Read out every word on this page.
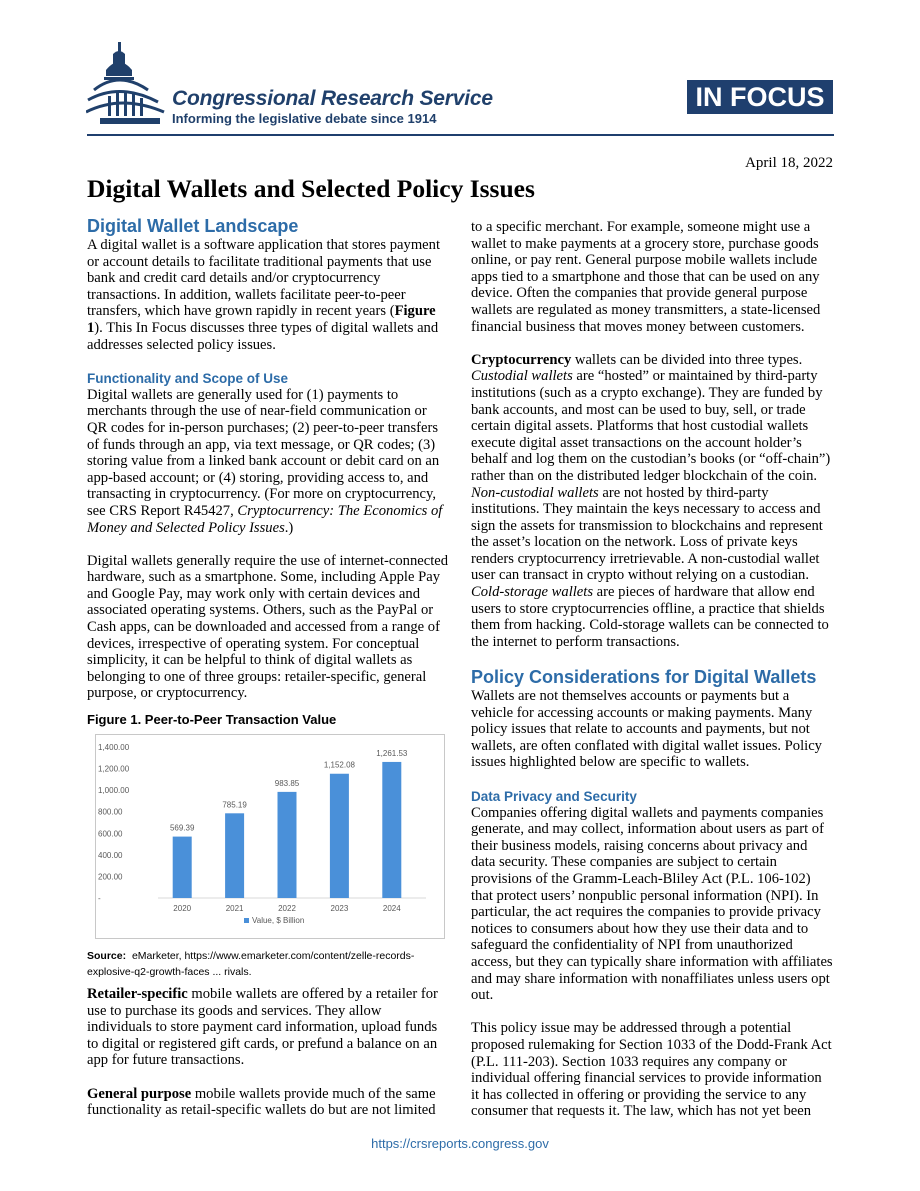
Congressional Research Service
Informing the legislative debate since 1914
IN FOCUS
April 18, 2022
Digital Wallets and Selected Policy Issues
Digital Wallet Landscape

A digital wallet is a software application that stores payment or account details to facilitate traditional payments that use bank and credit card details and/or cryptocurrency transactions. In addition, wallets facilitate peer-to-peer transfers, which have grown rapidly in recent years (Figure 1). This In Focus discusses three types of digital wallets and addresses selected policy issues.

Functionality and Scope of Use

Digital wallets are generally used for (1) payments to merchants through the use of near-field communication or QR codes for in-person purchases; (2) peer-to-peer transfers of funds through an app, via text message, or QR codes; (3) storing value from a linked bank account or debit card on an app-based account; or (4) storing, providing access to, and transacting in cryptocurrency. (For more on cryptocurrency, see CRS Report R45427, Cryptocurrency: The Economics of Money and Selected Policy Issues.)

Digital wallets generally require the use of internet-connected hardware, such as a smartphone. Some, including Apple Pay and Google Pay, may work only with certain devices and associated operating systems. Others, such as the PayPal or Cash apps, can be downloaded and accessed from a range of devices, irrespective of operating system. For conceptual simplicity, it can be helpful to think of digital wallets as belonging to one of three groups: retailer-specific, general purpose, or cryptocurrency.

Figure 1. Peer-to-Peer Transaction Value
1,400.00
1,200.00
1,000.00
800.00
600.00
400.00
200.00
-
569.39
2020
785.19
2021
983.85
2022
1,152.08
2023
1,261.53
2024
Value, $ Billion
Source: eMarketer, https://www.emarketer.com/content/zelle-records-explosive-q2-growth-faces ... rivals.

Retailer-specific mobile wallets are offered by a retailer for use to purchase its goods and services. They allow individuals to store payment card information, upload funds to digital or registered gift cards, or prefund a balance on an app for future transactions.

General purpose mobile wallets provide much of the same functionality as retail-specific wallets do but are not limited

to a specific merchant. For example, someone might use a wallet to make payments at a grocery store, purchase goods online, or pay rent. General purpose mobile wallets include apps tied to a smartphone and those that can be used on any device. Often the companies that provide general purpose wallets are regulated as money transmitters, a state-licensed financial business that moves money between customers.

Cryptocurrency wallets can be divided into three types. Custodial wallets are “hosted” or maintained by third-party institutions (such as a crypto exchange). They are funded by bank accounts, and most can be used to buy, sell, or trade certain digital assets. Platforms that host custodial wallets execute digital asset transactions on the account holder’s behalf and log them on the custodian’s books (or “off-chain”) rather than on the distributed ledger blockchain of the coin. Non-custodial wallets are not hosted by third-party institutions. They maintain the keys necessary to access and sign the assets for transmission to blockchains and represent the asset’s location on the network. Loss of private keys renders cryptocurrency irretrievable. A non-custodial wallet user can transact in crypto without relying on a custodian. Cold-storage wallets are pieces of hardware that allow end users to store cryptocurrencies offline, a practice that shields them from hacking. Cold-storage wallets can be connected to the internet to perform transactions.

Policy Considerations for Digital Wallets

Wallets are not themselves accounts or payments but a vehicle for accessing accounts or making payments. Many policy issues that relate to accounts and payments, but not wallets, are often conflated with digital wallet issues. Policy issues highlighted below are specific to wallets.

Data Privacy and Security

Companies offering digital wallets and payments companies generate, and may collect, information about users as part of their business models, raising concerns about privacy and data security. These companies are subject to certain provisions of the Gramm-Leach-Bliley Act (P.L. 106-102) that protect users’ nonpublic personal information (NPI). In particular, the act requires the companies to provide privacy notices to consumers about how they use their data and to safeguard the confidentiality of NPI from unauthorized access, but they can typically share information with affiliates and may share information with nonaffiliates unless users opt out.

This policy issue may be addressed through a potential proposed rulemaking for Section 1033 of the Dodd-Frank Act (P.L. 111-203). Section 1033 requires any company or individual offering financial services to provide information it has collected in offering or providing the service to any consumer that requests it. The law, which has not yet been

https://crsreports.congress.gov
